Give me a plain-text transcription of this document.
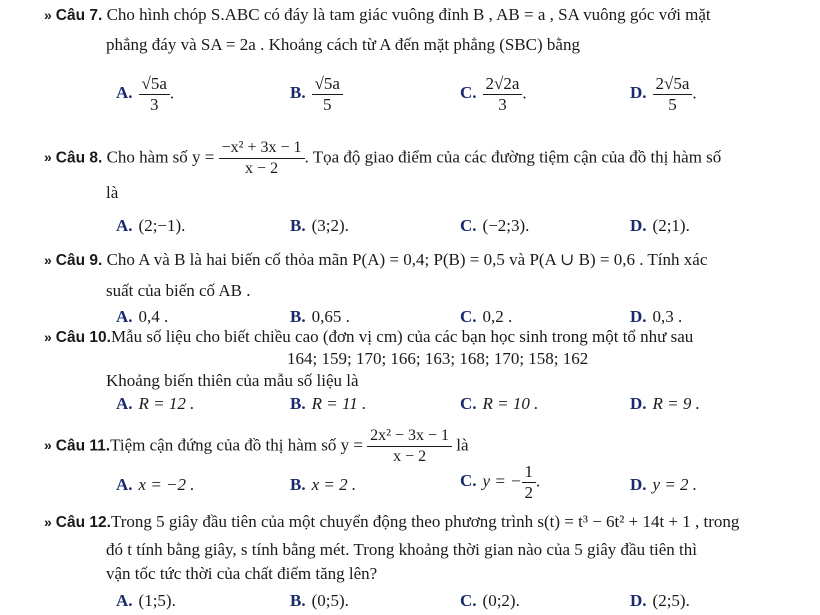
» Câu 7. Cho hình chóp S.ABC có đáy là tam giác vuông đỉnh B , AB = a , SA vuông góc với mặt
phẳng đáy và SA = 2a . Khoảng cách từ A đến mặt phẳng (SBC) bằng
A. $\frac{√5a}{3}$ .	B. $\frac{√5a}{5}$	C. $\frac{2√2a}{3}$ .	D. $\frac{2√5a}{5}$ .
» Câu 8. Cho hàm số $y = \frac{\text{−x² + 3x − 1}}{x - 2}$ . Tọa độ giao điểm của các đường tiệm cận của đồ thị hàm số
là
A. (2;−1).	B. (3;2).	C. (−2;3).	D. (2;1).
» Câu 9. Cho A và B là hai biến cố thỏa mãn P(A) = 0,4; P(B) = 0,5 và P(A ∪ B) = 0,6 . Tính xác
suất của biến cố AB .
A. 0,4 .	B. 0,65 .	C. 0,2 .	D. 0,3 .
» Câu 10.Mẫu số liệu cho biết chiều cao (đơn vị cm) của các bạn học sinh trong một tổ như sau
164; 159; 170; 166; 163; 168; 170; 158; 162
Khoảng biến thiên của mẫu số liệu là
A. R = 12 .	B. R = 11 .	C. R = 10 .	D. R = 9 .
» Câu 11.Tiệm cận đứng của đồ thị hàm số $y = \frac{\text{2x² − 3x − 1}}{x - 2}$ là
A. x = −2 .	B. x = 2 .	C. y = − $\frac{1}{2}$ .	D. y = 2 .
» Câu 12.Trong 5 giây đầu tiên của một chuyển động theo phương trình s(t) = t³ − 6t² + 14t + 1 , trong
đó t tính bằng giây, s tính bằng mét. Trong khoảng thời gian nào của 5 giây đầu tiên thì
vận tốc tức thời của chất điểm tăng lên?
A. (1;5).	B. (0;5).	C. (0;2).	D. (2;5).
